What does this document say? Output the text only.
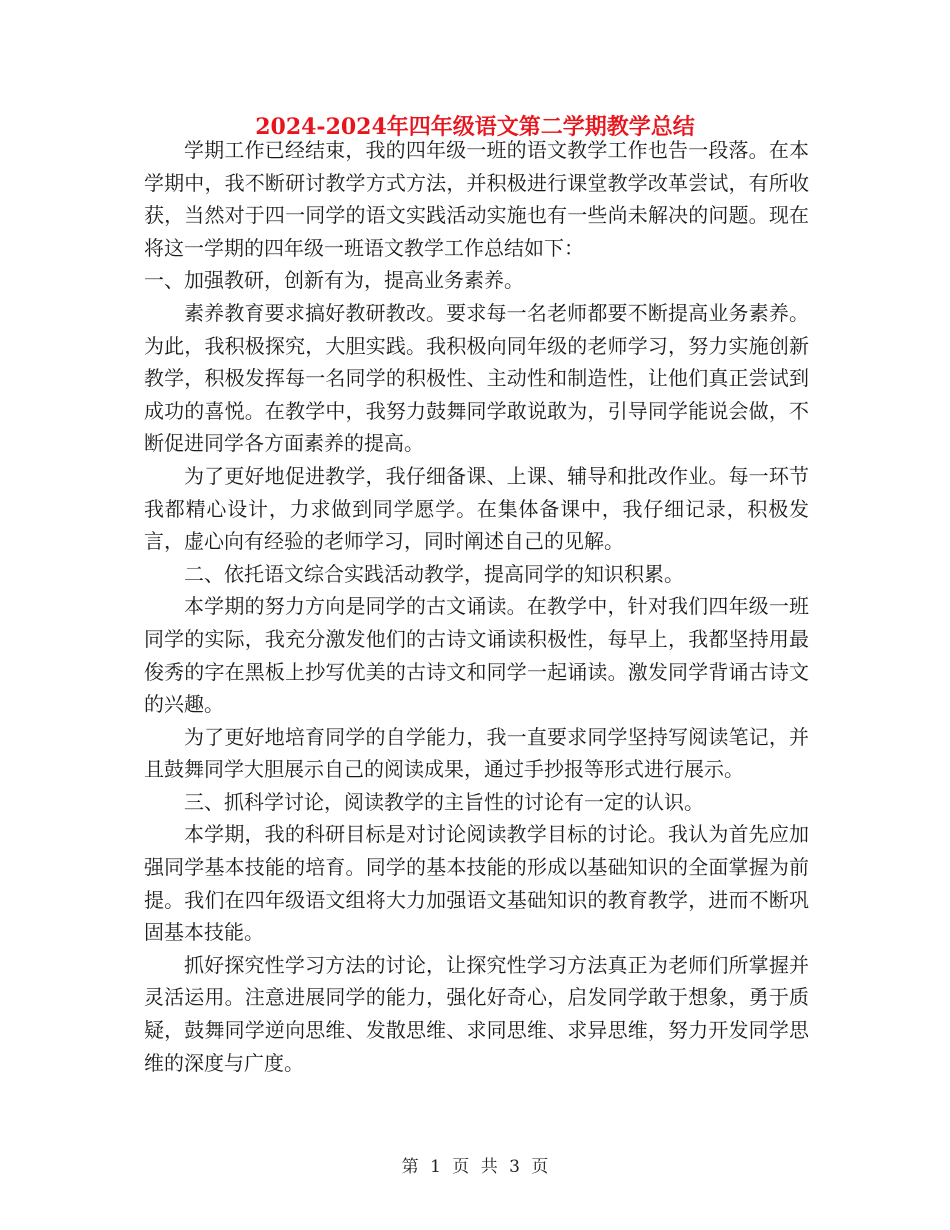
2024-2024年四年级语文第二学期教学总结

学期工作已经结束，我的四年级一班的语文教学工作也告一段落。在本学期中，我不断研讨教学方式方法，并积极进行课堂教学改革尝试，有所收获，当然对于四一同学的语文实践活动实施也有一些尚未解决的问题。现在将这一学期的四年级一班语文教学工作总结如下：

一、加强教研，创新有为，提高业务素养。

素养教育要求搞好教研教改。要求每一名老师都要不断提高业务素养。为此，我积极探究，大胆实践。我积极向同年级的老师学习，努力实施创新教学，积极发挥每一名同学的积极性、主动性和制造性，让他们真正尝试到成功的喜悦。在教学中，我努力鼓舞同学敢说敢为，引导同学能说会做，不断促进同学各方面素养的提高。

为了更好地促进教学，我仔细备课、上课、辅导和批改作业。每一环节我都精心设计，力求做到同学愿学。在集体备课中，我仔细记录，积极发言，虚心向有经验的老师学习，同时阐述自己的见解。

二、依托语文综合实践活动教学，提高同学的知识积累。

本学期的努力方向是同学的古文诵读。在教学中，针对我们四年级一班同学的实际，我充分激发他们的古诗文诵读积极性，每早上，我都坚持用最俊秀的字在黑板上抄写优美的古诗文和同学一起诵读。激发同学背诵古诗文的兴趣。

为了更好地培育同学的自学能力，我一直要求同学坚持写阅读笔记，并且鼓舞同学大胆展示自己的阅读成果，通过手抄报等形式进行展示。

三、抓科学讨论，阅读教学的主旨性的讨论有一定的认识。

本学期，我的科研目标是对讨论阅读教学目标的讨论。我认为首先应加强同学基本技能的培育。同学的基本技能的形成以基础知识的全面掌握为前提。我们在四年级语文组将大力加强语文基础知识的教育教学，进而不断巩固基本技能。

抓好探究性学习方法的讨论，让探究性学习方法真正为老师们所掌握并灵活运用。注意进展同学的能力，强化好奇心，启发同学敢于想象，勇于质疑，鼓舞同学逆向思维、发散思维、求同思维、求异思维，努力开发同学思维的深度与广度。

第 1 页 共 3 页
